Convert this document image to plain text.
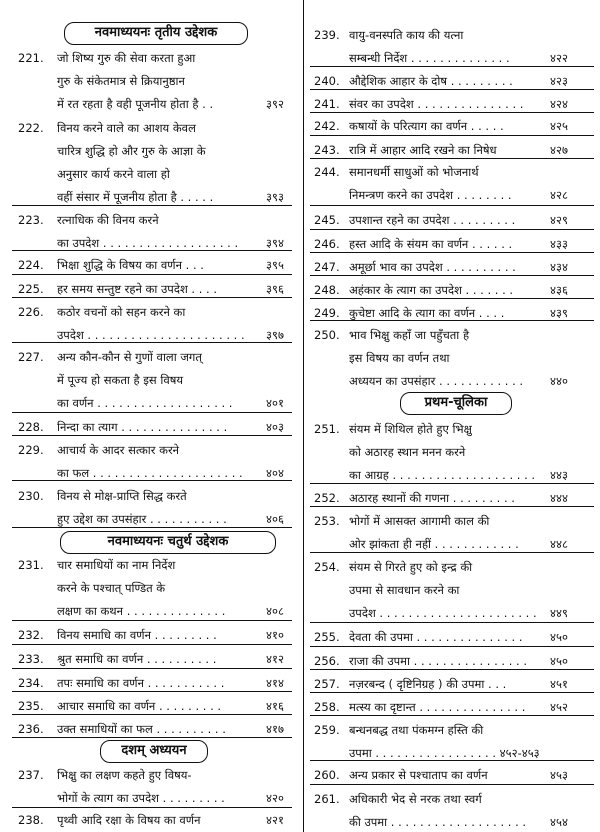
नवमाध्ययनः तृतीय उद्देशक
नवमाध्ययनः चतुर्थ उद्देशक
दशम् अध्ययन
221. जो शिष्य गुरु की सेवा करता हुआ
गुरु के संकेतमात्र से क्रियानुष्ठान
में रत रहता है वही पूजनीय होता है . .	३९२
222. विनय करने वाले का आशय केवल
चारित्र शुद्धि हो और गुरु के आज्ञा के
अनुसार कार्य करने वाला हो
वहीं संसार में पूजनीय होता है . . . . .	३९३
223. रत्नाधिक की विनय करने
का उपदेश . . . . . . . . . . . . . . . . . . . ३९४
224. भिक्षा शुद्धि के विषय का वर्णन . . .	३९५
225. हर समय सन्तुष्ट रहने का उपदेश . . . .	३९६
226. कठोर वचनों को सहन करने का
उपदेश . . . . . . . . . . . . . . . . . . . . . . ३९७
227. अन्य कौन-कौन से गुणों वाला जगत्
में पूज्य हो सकता है इस विषय
का वर्णन . . . . . . . . . . . . . . . . . . .	४०१
228. निन्दा का त्याग . . . . . . . . . . . . . . .	४०३
229. आचार्य के आदर सत्कार करने
का फल . . . . . . . . . . . . . . . . . . . . . ४०४
230. विनय से मोक्ष-प्राप्ति सिद्ध करते
हुए उद्देश का उपसंहार . . . . . . . . . . .	४०६
231. चार समाधियों का नाम निर्देश
करने के पश्चात् पण्डित के
लक्षण का कथन . . . . . . . . . . . . . .	४०८
232. विनय समाधि का वर्णन . . . . . . . . .	४१०
233. श्रुत समाधि का वर्णन . . . . . . . . . .	४१२
234. तपः समाधि का वर्णन . . . . . . . . . . .	४१४
235. आचार समाधि का वर्णन . . . . . . . . .	४१६
236. उक्त समाधियों का फल . . . . . . . . . .	४१७
237. भिक्षु का लक्षण कहते हुए विषय-
भोगों के त्याग का उपदेश . . . . . . . . .	४२०
238. पृथ्वी आदि रक्षा के विषय का वर्णन	४२१
प्रथम-चूलिका
239. वायु-वनस्पति काय की यत्ना
सम्बन्धी निर्देश . . . . . . . . . . . . . .	४२२
240. औद्देशिक आहार के दोष . . . . . . . . .	४२३
241. संवर का उपदेश . . . . . . . . . . . . . . . ४२४
242. कषायों के परित्याग का वर्णन . . . . .	४२५
243. रात्रि में आहार आदि रखने का निषेध	४२७
244. समानधर्मी साधुओं को भोजनार्थ
निमन्त्रण करने का उपदेश . . . . . . . .	४२८
245. उपशान्त रहने का उपदेश . . . . . . . . .	४२९
246. हस्त आदि के संयम का वर्णन . . . . . .	४३३
247. अमूर्छा भाव का उपदेश . . . . . . . . . .	४३४
248. अहंकार के त्याग का उपदेश . . . . . . .	४३६
249. कुचेष्टा आदि के त्याग का वर्णन . . . .	४३९
250. भाव भिक्षु कहाँ जा पहुँचता है
इस विषय का वर्णन तथा
अध्ययन का उपसंहार . . . . . . . . . . . . ४४०
251. संयम में शिथिल होते हुए भिक्षु
को अठारह स्थान मनन करने
का आग्रह . . . . . . . . . . . . . . . . . . . . ४४३
252. अठारह स्थानों की गणना . . . . . . . . .	४४४
253. भोगों में आसक्त आगामी काल की
ओर झांकता ही नहीं . . . . . . . . . . . .	४४८
254. संयम से गिरते हुए को इन्द्र की
उपमा से सावधान करने का
उपदेश . . . . . . . . . . . . . . . . . . . . . . ४४९
255. देवता की उपमा . . . . . . . . . . . . . . . ४५०
256. राजा की उपमा . . . . . . . . . . . . . . . . ४५०
257. नज़रबन्द ( दृष्टिनिग्रह ) की उपमा . . .	४५१
258. मत्स्य का दृष्टान्त . . . . . . . . . . . . . . . ४५२
259. बन्धनबद्ध तथा पंकमग्न हस्ति की
उपमा . . . . . . . . . . . . . . . . . ४५२-४५३
260. अन्य प्रकार से पश्चाताप का वर्णन	४५३
261. अधिकारी भेद से नरक तथा स्वर्ग
की उपमा . . . . . . . . . . . . . . . . . . . ४५४
